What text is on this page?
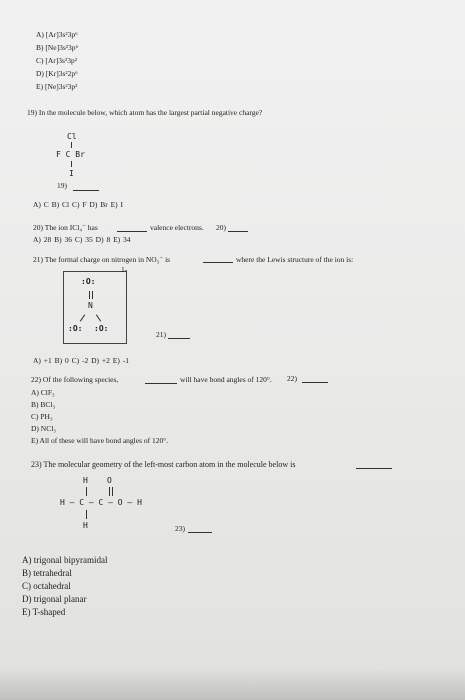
A) [Ar]3s²3p⁶
B) [Ne]3s²3p⁶
C) [Ar]3s²3p²
D) [Kr]3s²2p⁶
E) [Ne]3s²3p²
19) In the molecule below, which atom has the largest partial negative charge?
Cl
F C Br
I
19)
A) C B) Cl C) F D) Br E) I
20) The ion ICl₄⁻ has	valence electrons. 20)
A) 28 B) 36 C) 35 D) 8 E) 34
21) The formal charge on nitrogen in NO₃⁻ is	where the Lewis structure of the ion is:
1-
:O:
N
:O: :O:
21)
A) +1 B) 0 C) -2 D) +2 E) -1
22) Of the following species,	will have bond angles of 120°. 22)
A) ClF₃
B) BCl₃
C) PH₃
D) NCl₃
E) All of these will have bond angles of 120°.
23) The molecular geometry of the left-most carbon atom in the molecule below is
H O
H — C — C — O — H
H	23)
A) trigonal bipyramidal
B) tetrahedral
C) octahedral
D) trigonal planar
E) T-shaped
